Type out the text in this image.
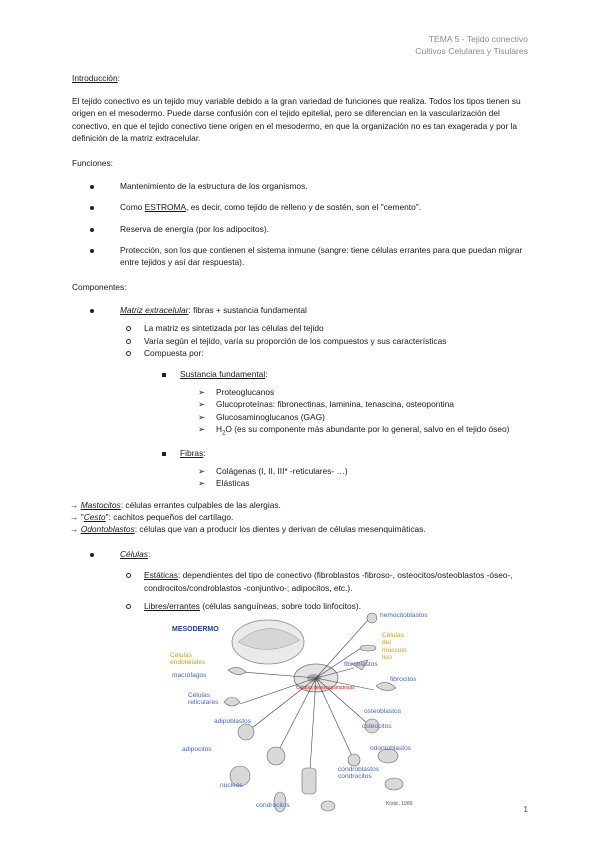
TEMA 5 - Tejido conectivo
Cultivos Celulares y Tisulares

Introducción:

El tejido conectivo es un tejido muy variable debido a la gran variedad de funciones que realiza. Todos los tipos tienen su origen en el mesodermo. Puede darse confusión con el tejido epitelial, pero se diferencian en la vascularización del conectivo, en que el tejido conectivo tiene origen en el mesodermo, en que la organización no es tan exagerada y por la definición de la matriz extracelular.

Funciones:

Mantenimiento de la estructura de los organismos.
Como ESTROMA, es decir, como tejido de relleno y de sostén, son el "cemento".
Reserva de energía (por los adipocitos).
Protección, son los que contienen el sistema inmune (sangre: tiene células errantes para que puedan migrar entre tejidos y así dar respuesta).

Componentes:

Matriz extracelular: fibras + sustancia fundamental
La matriz es sintetizada por las células del tejido
Varía según el tejido, varía su proporción de los compuestos y sus características
Compuesta por:
Sustancia fundamental:
➢	Proteoglucanos
➢	Glucoproteínas: fibronectinas, laminina, tenascina, osteopontina
➢	Glucosaminoglucanos (GAG)
➢	$H_2O$ (es su componente más abundante por lo general, salvo en el tejido óseo)
Fibras:
➢	Colágenas (I, II, III* -reticulares- …)
➢	Elásticas

→ Mastocitos: células errantes culpables de las alergias.

→ "Cesto": cachitos pequeños del cartílago.

→ Odontoblastos: células que van a producir los dientes y derivan de células mesenquimáticas.

Células:
Estáticas: dependientes del tipo de conectivo (fibroblastos -fibroso-, osteocitos/osteoblastos -óseo-, condrocitos/condroblastos -conjuntivo-; adipocitos, etc.).
Libres/errantes (células sanguíneas, sobre todo linfocitos).
MESODERMO
Células mesenquimatosas
hemocitoblastos
Células
del
músculo
liso
fibroblastos
fibrocitos
Células
endoteliales
macrófagos
Células
reticulares
adipoblastos
adipocitos
osteoblastos
osteocitos
odontoblastos
condroblastos
condrocitos
condrocitos
núcleos
Krstic, 1989	1
